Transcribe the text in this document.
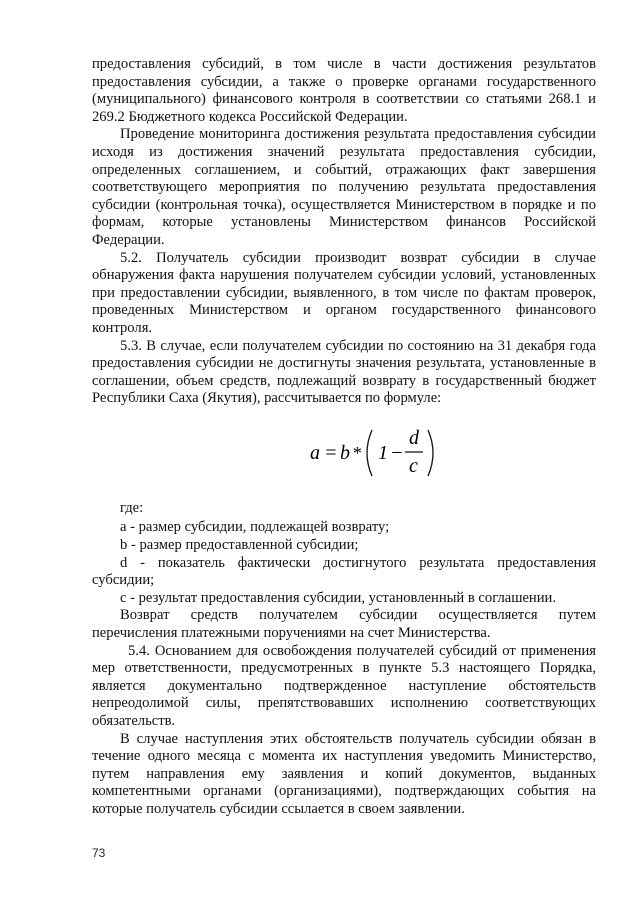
предоставления субсидий, в том числе в части достижения результатов предоставления субсидии, а также о проверке органами государственного (муниципального) финансового контроля в соответствии со статьями 268.1 и 269.2 Бюджетного кодекса Российской Федерации.

Проведение мониторинга достижения результата предоставления субсидии исходя из достижения значений результата предоставления субсидии, определенных соглашением, и событий, отражающих факт завершения соответствующего мероприятия по получению результата предоставления субсидии (контрольная точка), осуществляется Министерством в порядке и по формам, которые установлены Министерством финансов Российской Федерации.

5.2. Получатель субсидии производит возврат субсидии в случае обнаружения факта нарушения получателем субсидии условий, установленных при предоставлении субсидии, выявленного, в том числе по фактам проверок, проведенных Министерством и органом государственного финансового контроля.

5.3. В случае, если получателем субсидии по состоянию на 31 декабря года предоставления субсидии не достигнуты значения результата, установленные в соглашении, объем средств, подлежащий возврату в государственный бюджет Республики Саха (Якутия), рассчитывается по формуле:

a = b * 1 −
d
c

где:

a - размер субсидии, подлежащей возврату;

b - размер предоставленной субсидии;

d - показатель фактически достигнутого результата предоставления субсидии;

c - результат предоставления субсидии, установленный в соглашении.

Возврат средств получателем субсидии осуществляется путем перечисления платежными поручениями на счет Министерства.

5.4. Основанием для освобождения получателей субсидий от применения мер ответственности, предусмотренных в пункте 5.3 настоящего Порядка, является документально подтвержденное наступление обстоятельств непреодолимой силы, препятствовавших исполнению соответствующих обязательств.

В случае наступления этих обстоятельств получатель субсидии обязан в течение одного месяца с момента их наступления уведомить Министерство, путем направления ему заявления и копий документов, выданных компетентными органами (организациями), подтверждающих события на которые получатель субсидии ссылается в своем заявлении.

73
